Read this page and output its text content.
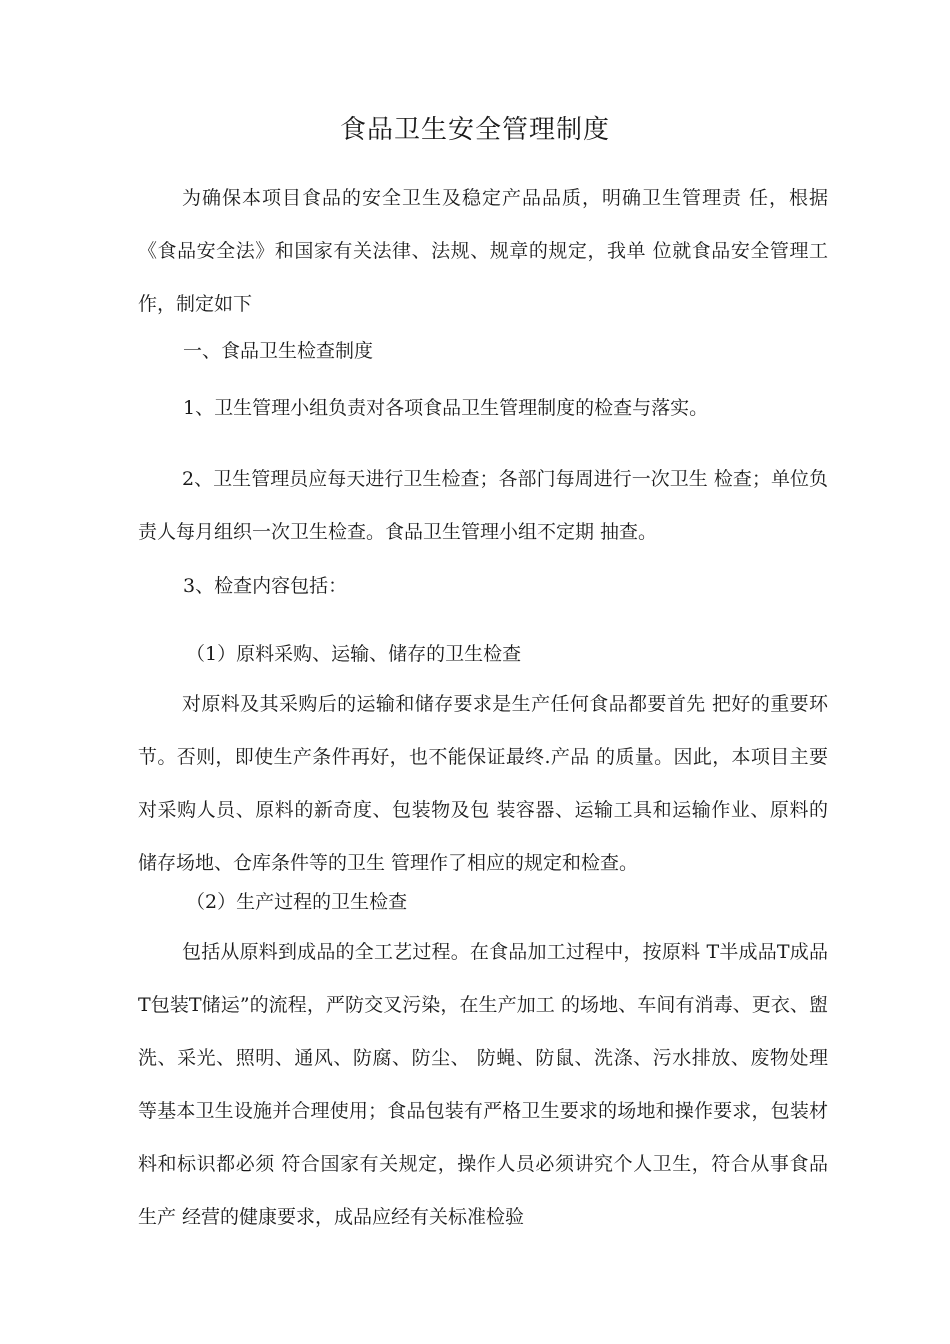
食品卫生安全管理制度
为确保本项目食品的安全卫生及稳定产品品质，明确卫生管理责 任，根据《食品安全法》和国家有关法律、法规、规章的规定，我单 位就食品安全管理工作，制定如下
一、食品卫生检查制度
1、卫生管理小组负责对各项食品卫生管理制度的检查与落实。
2、卫生管理员应每天进行卫生检查；各部门每周进行一次卫生 检查；单位负责人每月组织一次卫生检查。食品卫生管理小组不定期 抽查。
3、检查内容包括：
（1）原料采购、运输、储存的卫生检查
对原料及其采购后的运输和储存要求是生产任何食品都要首先 把好的重要环节。否则，即使生产条件再好，也不能保证最终.产品 的质量。因此，本项目主要对采购人员、原料的新奇度、包装物及包 装容器、运输工具和运输作业、原料的储存场地、仓库条件等的卫生 管理作了相应的规定和检查。
（2）生产过程的卫生检查
包括从原料到成品的全工艺过程。在食品加工过程中，按原料 T半成品T成品T包装T储运”的流程，严防交叉污染，在生产加工 的场地、车间有消毒、更衣、盥洗、采光、照明、通风、防腐、防尘、 防蝇、防鼠、洗涤、污水排放、废物处理等基本卫生设施并合理使用；食品包装有严格卫生要求的场地和操作要求，包装材料和标识都必须 符合国家有关规定，操作人员必须讲究个人卫生，符合从事食品生产 经营的健康要求，成品应经有关标准检验
